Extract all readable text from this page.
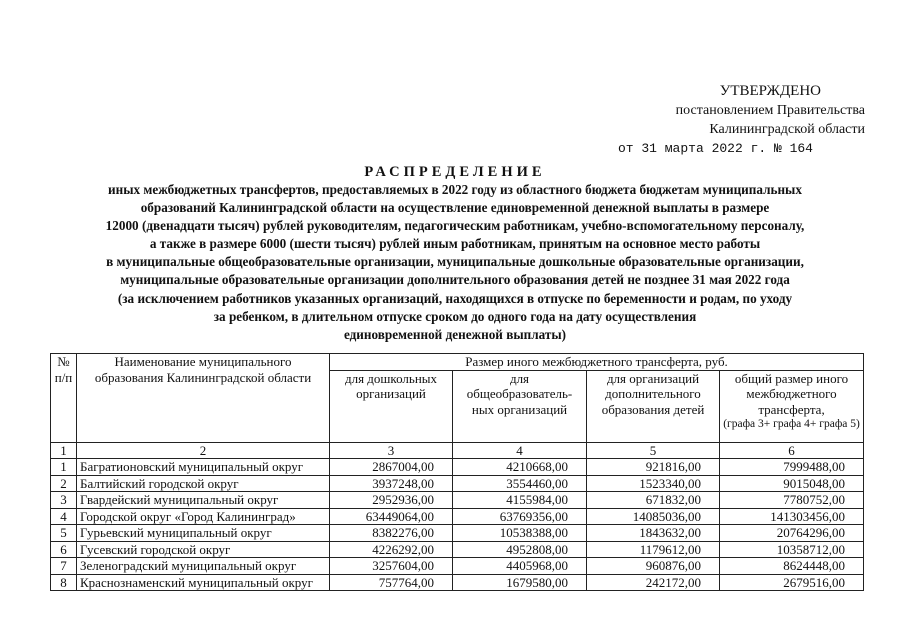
УТВЕРЖДЕНО
постановлением Правительства
Калининградской области
от 31 марта 2022 г. № 164
РАСПРЕДЕЛЕНИЕ
иных межбюджетных трансфертов, предоставляемых в 2022 году из областного бюджета бюджетам муниципальных
образований Калининградской области на осуществление единовременной денежной выплаты в размере
12000 (двенадцати тысяч) рублей руководителям, педагогическим работникам, учебно-вспомогательному персоналу,
а также в размере 6000 (шести тысяч) рублей иным работникам, принятым на основное место работы
в муниципальные общеобразовательные организации, муниципальные дошкольные образовательные организации,
муниципальные образовательные организации дополнительного образования детей не позднее 31 мая 2022 года
(за исключением работников указанных организаций, находящихся в отпуске по беременности и родам, по уходу
за ребенком, в длительном отпуске сроком до одного года на дату осуществления
единовременной денежной выплаты)
№ п/п	Наименование муниципального образования Калининградской области	Размер иного межбюджетного трансферта, руб.			
		для дошкольных организаций	для общеобразователь-ных организаций	для организаций дополнительного образования детей	общий размер иного межбюджетного трансферта,
(графа 3+ графа 4+ графа 5)

1	2	3	4	5	6
1	Багратионовский муниципальный округ	2867004,00	4210668,00	921816,00	7999488,00
2	Балтийский городской округ	3937248,00	3554460,00	1523340,00	9015048,00
3	Гвардейский муниципальный округ	2952936,00	4155984,00	671832,00	7780752,00
4	Городской округ «Город Калининград»	63449064,00	63769356,00	14085036,00	141303456,00
5	Гурьевский муниципальный округ	8382276,00	10538388,00	1843632,00	20764296,00
6	Гусевский городской округ	4226292,00	4952808,00	1179612,00	10358712,00
7	Зеленоградский муниципальный округ	3257604,00	4405968,00	960876,00	8624448,00
8	Краснознаменский муниципальный округ	757764,00	1679580,00	242172,00	2679516,00
